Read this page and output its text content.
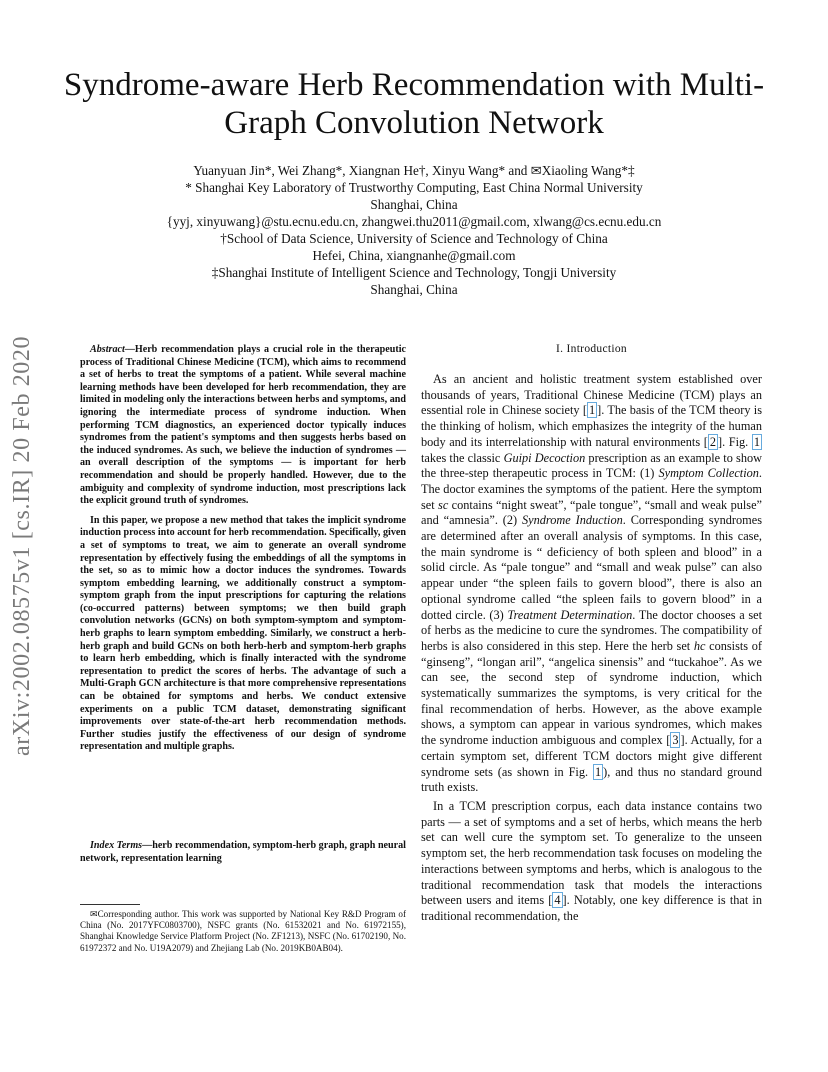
arXiv:2002.08575v1 [cs.IR] 20 Feb 2020
Syndrome-aware Herb Recommendation with Multi-Graph Convolution Network
Yuanyuan Jin*, Wei Zhang*, Xiangnan He†, Xinyu Wang* and ✉Xiaoling Wang*‡
* Shanghai Key Laboratory of Trustworthy Computing, East China Normal University
Shanghai, China
{yyj, xinyuwang}@stu.ecnu.edu.cn, zhangwei.thu2011@gmail.com, xlwang@cs.ecnu.edu.cn
†School of Data Science, University of Science and Technology of China
Hefei, China, xiangnanhe@gmail.com
‡Shanghai Institute of Intelligent Science and Technology, Tongji University
Shanghai, China

Abstract—Herb recommendation plays a crucial role in the therapeutic process of Traditional Chinese Medicine (TCM), which aims to recommend a set of herbs to treat the symptoms of a patient. While several machine learning methods have been developed for herb recommendation, they are limited in modeling only the interactions between herbs and symptoms, and ignoring the intermediate process of syndrome induction. When performing TCM diagnostics, an experienced doctor typically induces syndromes from the patient's symptoms and then suggests herbs based on the induced syndromes. As such, we believe the induction of syndromes — an overall description of the symptoms — is important for herb recommendation and should be properly handled. However, due to the ambiguity and complexity of syndrome induction, most prescriptions lack the explicit ground truth of syndromes.

In this paper, we propose a new method that takes the implicit syndrome induction process into account for herb recommendation. Specifically, given a set of symptoms to treat, we aim to generate an overall syndrome representation by effectively fusing the embeddings of all the symptoms in the set, so as to mimic how a doctor induces the syndromes. Towards symptom embedding learning, we additionally construct a symptom-symptom graph from the input prescriptions for capturing the relations (co-occurred patterns) between symptoms; we then build graph convolution networks (GCNs) on both symptom-symptom and symptom-herb graphs to learn symptom embedding. Similarly, we construct a herb-herb graph and build GCNs on both herb-herb and symptom-herb graphs to learn herb embedding, which is finally interacted with the syndrome representation to predict the scores of herbs. The advantage of such a Multi-Graph GCN architecture is that more comprehensive representations can be obtained for symptoms and herbs. We conduct extensive experiments on a public TCM dataset, demonstrating significant improvements over state-of-the-art herb recommendation methods. Further studies justify the effectiveness of our design of syndrome representation and multiple graphs.

Index Terms—herb recommendation, symptom-herb graph, graph neural network, representation learning
✉Corresponding author. This work was supported by National Key R&D Program of China (No. 2017YFC0803700), NSFC grants (No. 61532021 and No. 61972155), Shanghai Knowledge Service Platform Project (No. ZF1213), NSFC (No. 61702190, No. 61972372 and No. U19A2079) and Zhejiang Lab (No. 2019KB0AB04).
I. Introduction

As an ancient and holistic treatment system established over thousands of years, Traditional Chinese Medicine (TCM) plays an essential role in Chinese society [ 1 ]. The basis of the TCM theory is the thinking of holism, which emphasizes the integrity of the human body and its interrelationship with natural environments [ 2 ]. Fig. 1 takes the classic Guipi Decoction prescription as an example to show the three-step therapeutic process in TCM: (1) Symptom Collection. The doctor examines the symptoms of the patient. Here the symptom set sc contains “night sweat”, “pale tongue”, “small and weak pulse” and “amnesia”. (2) Syndrome Induction. Corresponding syndromes are determined after an overall analysis of symptoms. In this case, the main syndrome is “ deficiency of both spleen and blood” in a solid circle. As “pale tongue” and “small and weak pulse” can also appear under “the spleen fails to govern blood”, there is also an optional syndrome called “the spleen fails to govern blood” in a dotted circle. (3) Treatment Determination. The doctor chooses a set of herbs as the medicine to cure the syndromes. The compatibility of herbs is also considered in this step. Here the herb set hc consists of “ginseng”, “longan aril”, “angelica sinensis” and “tuckahoe”. As we can see, the second step of syndrome induction, which systematically summarizes the symptoms, is very critical for the final recommendation of herbs. However, as the above example shows, a symptom can appear in various syndromes, which makes the syndrome induction ambiguous and complex [ 3 ]. Actually, for a certain symptom set, different TCM doctors might give different syndrome sets (as shown in Fig. 1 ), and thus no standard ground truth exists.

In a TCM prescription corpus, each data instance contains two parts — a set of symptoms and a set of herbs, which means the herb set can well cure the symptom set. To generalize to the unseen symptom set, the herb recommendation task focuses on modeling the interactions between symptoms and herbs, which is analogous to the traditional recommendation task that models the interactions between users and items [ 4 ]. Notably, one key difference is that in traditional recommendation, the
